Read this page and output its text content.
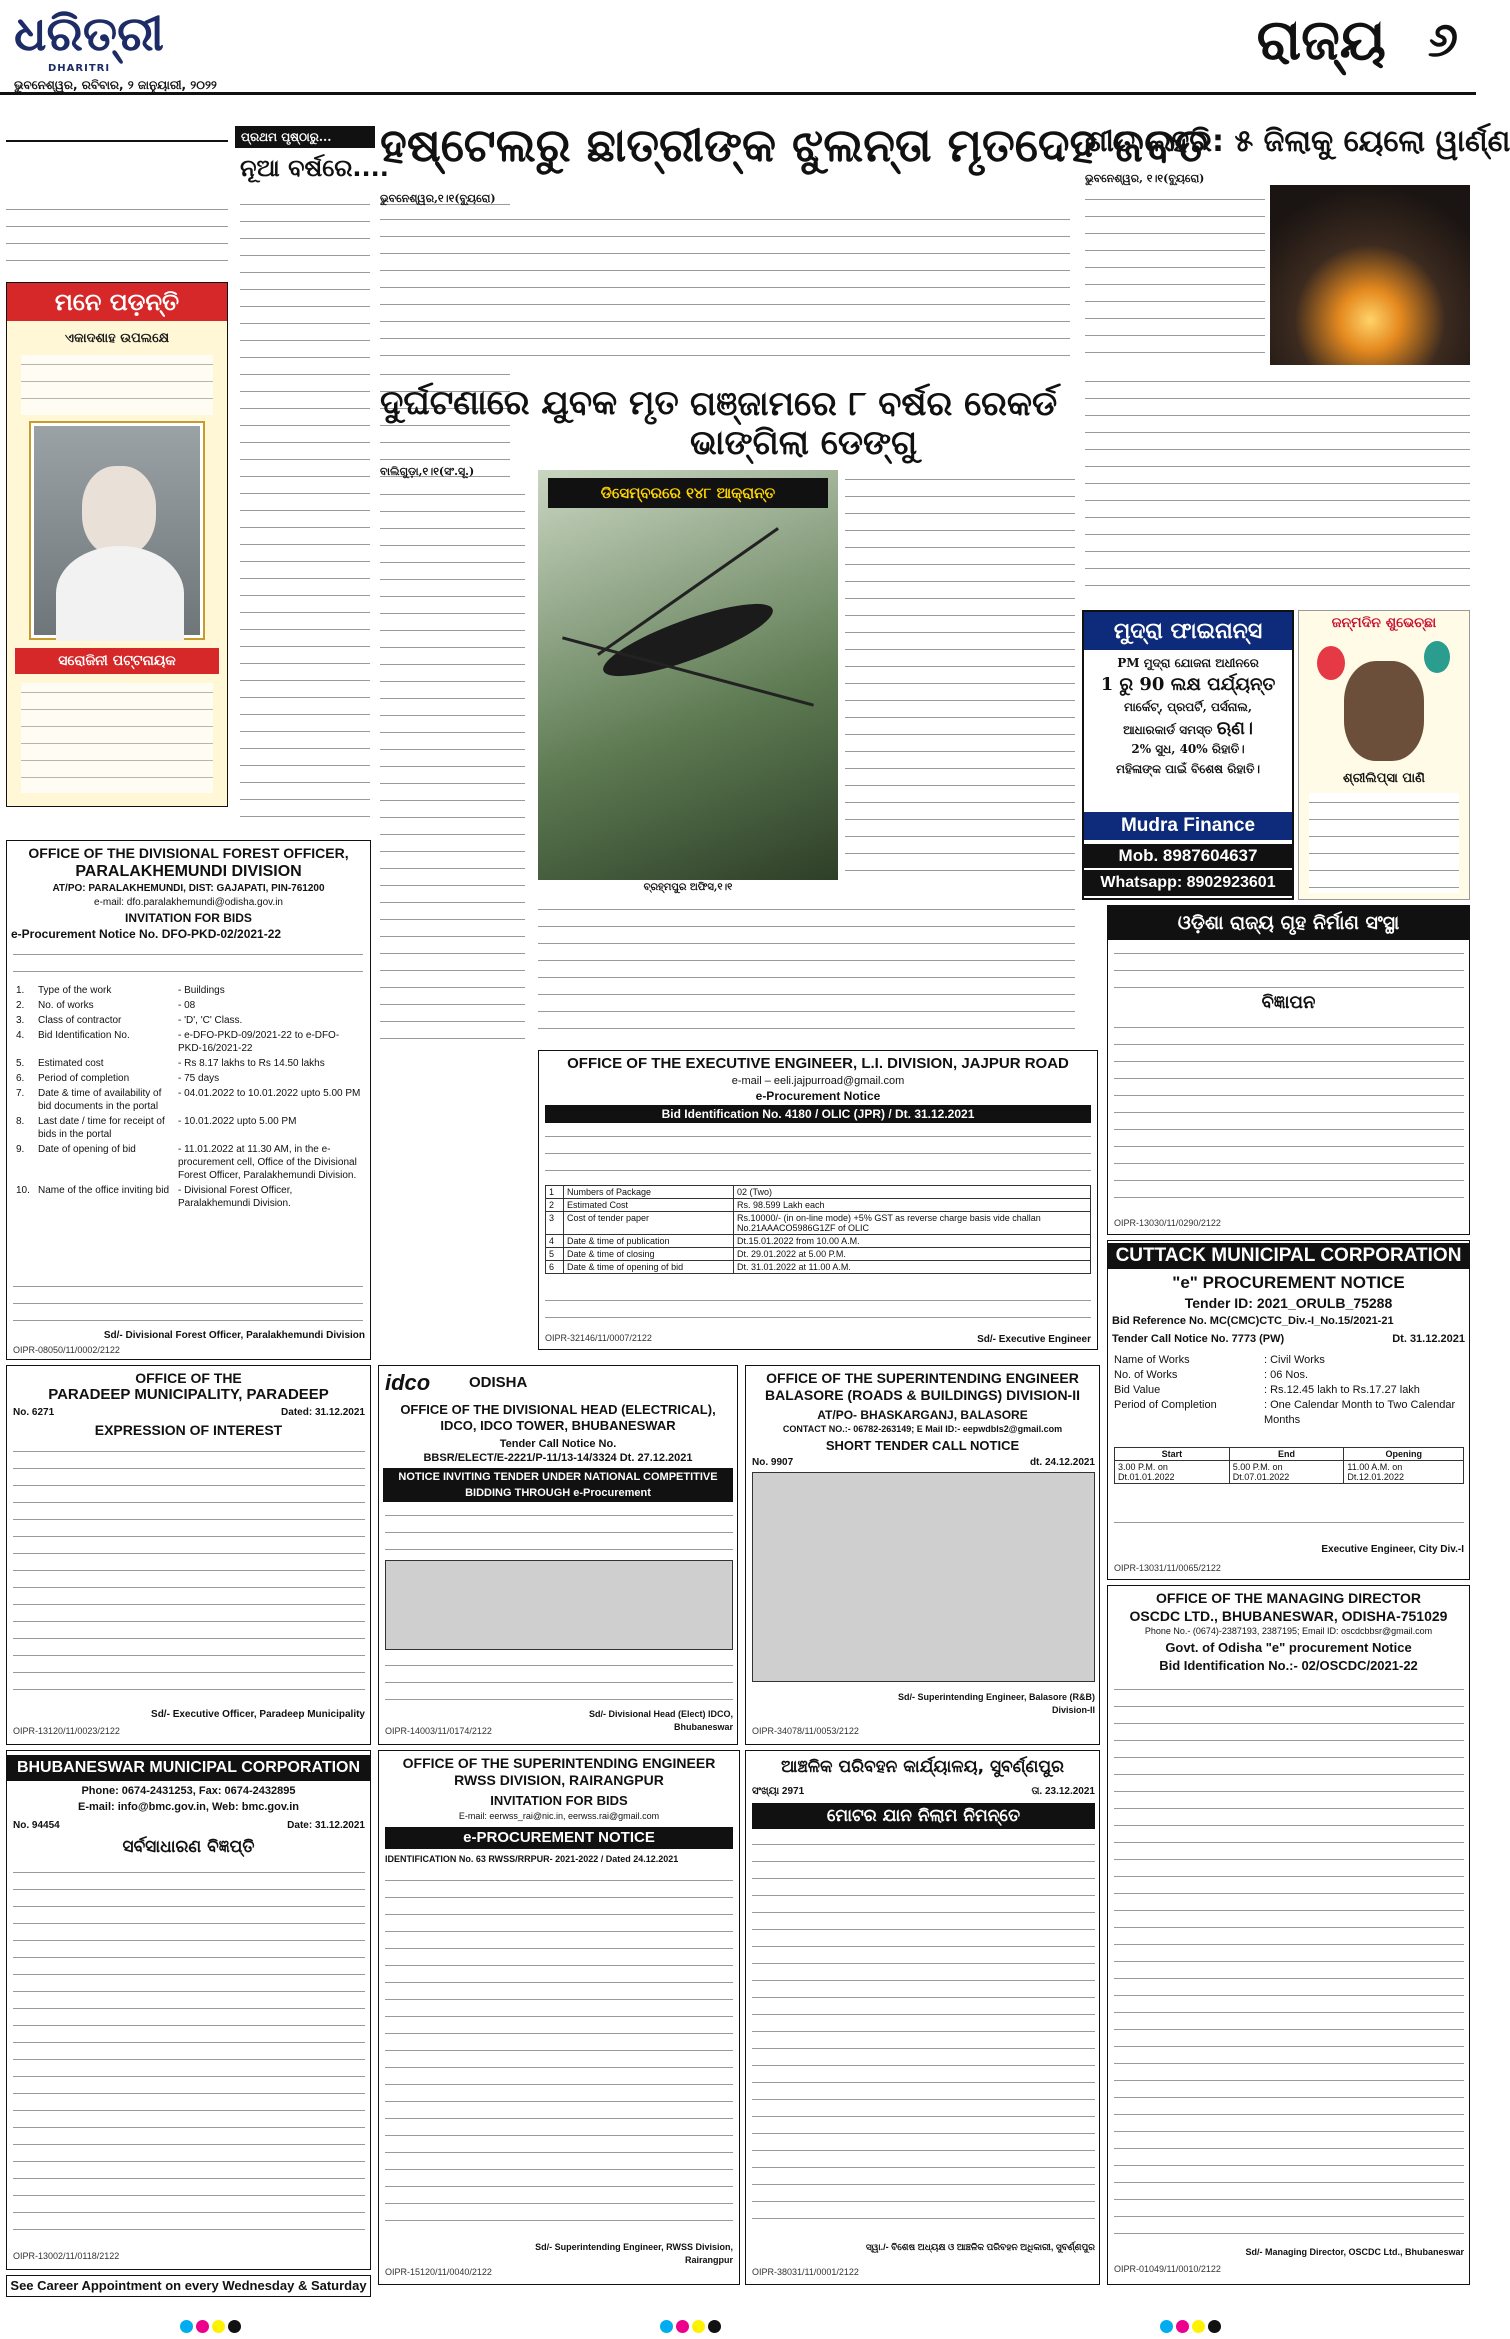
ଧରିତ୍ରୀ
DHARITRI
ଭୁବନେଶ୍ୱର, ରବିବାର, ୨ ଜାନୁୟାରୀ, ୨୦୨୨
ରାଜ୍ୟ ୬
ମନେ ପଡ଼ନ୍ତି
ଏକାଦଶାହ ଉପଲକ୍ଷେ
ସରୋଜିନୀ ପଟ୍ଟନାୟକ
ପ୍ରଥମ ପୃଷ୍ଠାରୁ...
ନୂଆ ବର୍ଷରେ....
ହଷ୍ଟେଲରୁ ଛାତ୍ରୀଙ୍କ ଝୁଲନ୍ତା ମୃତଦେହ ଜବତ
ଭୁବନେଶ୍ୱର,୧।୧(ବ୍ୟୁରୋ)
ଶୀତ ଲହରି: ୫ ଜିଲାକୁ ୟେଲୋ ୱାର୍ଣ୍ଣ
ଭୁବନେଶ୍ୱର, ୧।୧(ବ୍ୟୁରୋ)
ଦୁର୍ଘଟଣାରେ ଯୁବକ ମୃତ
ବାଲିଗୁଡ଼ା,୧।୧(ସଂ.ସୂ.)
ଗଞ୍ଜାମରେ ୮ ବର୍ଷର ରେକର୍ଡ ଭାଙ୍ଗିଲା ଡେଙ୍ଗୁ
ଡିସେମ୍ବରରେ ୧୪୮ ଆକ୍ରାନ୍ତ
ବ୍ରହ୍ମପୁର ଅଫିସ,୧।୧
ମୁଦ୍ରା ଫାଇନାନ୍ସ
PM ମୁଦ୍ରା ଯୋଜନା ଅଧୀନରେ
1 ରୁ 90 ଲକ୍ଷ ପର୍ଯ୍ୟନ୍ତ
ମାର୍କେଟ୍, ପ୍ରପର୍ଟି, ପର୍ସନାଲ,
ଆଧାରକାର୍ଡ ସମସ୍ତ ଋଣ।
2% ସୁଧ, 40% ରିହାତି।
ମହିଳାଙ୍କ ପାଇଁ ବିଶେଷ ରିହାତି।
Mudra Finance
Mob. 8987604637
Whatsapp: 8902923601
ଜନ୍ମଦିନ ଶୁଭେଚ୍ଛା
ଶ୍ରୀଲିପ୍ସା ପାଣି
ଓଡ଼ିଶା ରାଜ୍ୟ ଗୃହ ନିର୍ମାଣ ସଂସ୍ଥା
ବିଜ୍ଞାପନ
OIPR-13030/11/0290/2122
OFFICE OF THE DIVISIONAL FOREST OFFICER,
PARALAKHEMUNDI DIVISION
AT/PO: PARALAKHEMUNDI, DIST: GAJAPATI, PIN-761200
e-mail: dfo.paralakhemundi@odisha.gov.in
INVITATION FOR BIDS
e-Procurement Notice No. DFO-PKD-02/2021-22
1.	Type of the work	- Buildings
2.	No. of works	- 08
3.	Class of contractor	- 'D', 'C' Class.
4.	Bid Identification No.	- e-DFO-PKD-09/2021-22 to e-DFO-PKD-16/2021-22
5.	Estimated cost	- Rs 8.17 lakhs to Rs 14.50 lakhs
6.	Period of completion	- 75 days
7.	Date & time of availability of bid documents in the portal	- 04.01.2022 to 10.01.2022 upto 5.00 PM
8.	Last date / time for receipt of bids in the portal	- 10.01.2022 upto 5.00 PM
9.	Date of opening of bid	- 11.01.2022 at 11.30 AM, in the e-procurement cell, Office of the Divisional Forest Officer, Paralakhemundi Division.
10.	Name of the office inviting bid	- Divisional Forest Officer, Paralakhemundi Division.
Sd/- Divisional Forest Officer, Paralakhemundi Division
OIPR-08050/11/0002/2122
OFFICE OF THE EXECUTIVE ENGINEER, L.I. DIVISION, JAJPUR ROAD
e-mail – eeli.jajpurroad@gmail.com
e-Procurement Notice
Bid Identification No. 4180 / OLIC (JPR) / Dt. 31.12.2021
1	Numbers of Package	02 (Two)
2	Estimated Cost	Rs. 98.599 Lakh each
3	Cost of tender paper	Rs.10000/- (in on-line mode) +5% GST as reverse charge basis vide challan No.21AAACO5986G1ZF of OLIC
4	Date & time of publication	Dt.15.01.2022 from 10.00 A.M.
5	Date & time of closing	Dt. 29.01.2022 at 5.00 P.M.
6	Date & time of opening of bid	Dt. 31.01.2022 at 11.00 A.M.
OIPR-32146/11/0007/2122	Sd/- Executive Engineer
CUTTACK MUNICIPAL CORPORATION
"e" PROCUREMENT NOTICE
Tender ID: 2021_ORULB_75288
Bid Reference No. MC(CMC)CTC_Div.-I_No.15/2021-21
Tender Call Notice No. 7773 (PW)	Dt. 31.12.2021
Name of Works	: Civil Works
No. of Works	: 06 Nos.
Bid Value	: Rs.12.45 lakh to Rs.17.27 lakh
Period of Completion	: One Calendar Month to Two Calendar Months
Start	End	Opening
3.00 P.M. on Dt.01.01.2022	5.00 P.M. on Dt.07.01.2022	11.00 A.M. on Dt.12.01.2022
Executive Engineer, City Div.-I
OIPR-13031/11/0065/2122
OFFICE OF THE
PARADEEP MUNICIPALITY, PARADEEP
No. 6271	Dated: 31.12.2021
EXPRESSION OF INTEREST
Sd/- Executive Officer, Paradeep Municipality
OIPR-13120/11/0023/2122
idco	ODISHA
OFFICE OF THE DIVISIONAL HEAD (ELECTRICAL), IDCO, IDCO TOWER, BHUBANESWAR
Tender Call Notice No.
BBSR/ELECT/E-2221/P-11/13-14/3324 Dt. 27.12.2021
NOTICE INVITING TENDER UNDER NATIONAL COMPETITIVE BIDDING THROUGH e-Procurement
Sd/- Divisional Head (Elect) IDCO, Bhubaneswar
OIPR-14003/11/0174/2122
OFFICE OF THE SUPERINTENDING ENGINEER BALASORE (ROADS & BUILDINGS) DIVISION-II
AT/PO- BHASKARGANJ, BALASORE
CONTACT NO.:- 06782-263149; E Mail ID:- eepwdbls2@gmail.com
SHORT TENDER CALL NOTICE
No. 9907	dt. 24.12.2021
Sd/- Superintending Engineer, Balasore (R&B) Division-II
OIPR-34078/11/0053/2122
OFFICE OF THE MANAGING DIRECTOR
OSCDC LTD., BHUBANESWAR, ODISHA-751029
Phone No.- (0674)-2387193, 2387195; Email ID: oscdcbbsr@gmail.com
Govt. of Odisha "e" procurement Notice
Bid Identification No.:- 02/OSCDC/2021-22
Sd/- Managing Director, OSCDC Ltd., Bhubaneswar
OIPR-01049/11/0010/2122
BHUBANESWAR MUNICIPAL CORPORATION
Phone: 0674-2431253, Fax: 0674-2432895
E-mail: info@bmc.gov.in, Web: bmc.gov.in
No. 94454	Date: 31.12.2021
ସର୍ବସାଧାରଣ ବିଜ୍ଞପ୍ତି
OIPR-13002/11/0118/2122
OFFICE OF THE SUPERINTENDING ENGINEER RWSS DIVISION, RAIRANGPUR
INVITATION FOR BIDS
E-mail: eerwss_rai@nic.in, eerwss.rai@gmail.com
e-PROCUREMENT NOTICE
IDENTIFICATION No. 63 RWSS/RRPUR- 2021-2022 / Dated 24.12.2021
Sd/- Superintending Engineer, RWSS Division, Rairangpur
OIPR-15120/11/0040/2122
ଆଞ୍ଚଳିକ ପରିବହନ କାର୍ଯ୍ୟାଳୟ, ସୁବର୍ଣ୍ଣପୁର
ସଂଖ୍ୟା 2971	ତା. 23.12.2021
ମୋଟର ଯାନ ନିଲାମ ନିମନ୍ତେ
ସ୍ୱା./- ବିଶେଷ ଅଧ୍ୟକ୍ଷ ଓ ଆଞ୍ଚଳିକ ପରିବହନ ଅଧିକାରୀ, ସୁବର୍ଣ୍ଣପୁର
OIPR-38031/11/0001/2122
See Career Appointment on every Wednesday & Saturday
